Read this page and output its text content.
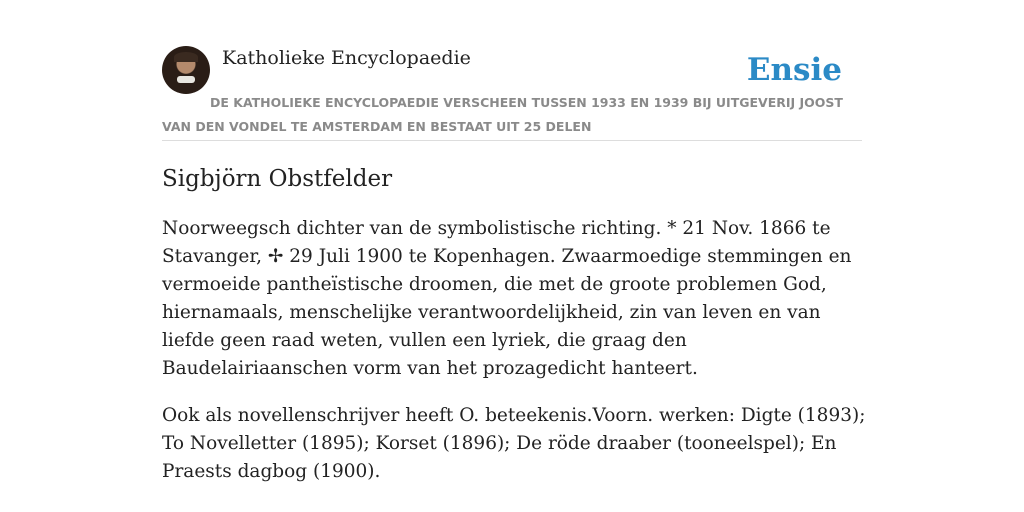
Katholieke Encyclopaedie	Ensie
DE KATHOLIEKE ENCYCLOPAEDIE VERSCHEEN TUSSEN 1933 EN 1939 BIJ UITGEVERIJ JOOST VAN DEN VONDEL TE AMSTERDAM EN BESTAAT UIT 25 DELEN
Sigbjörn Obstfelder

Noorweegsch dichter van de symbolistische richting. * 21 Nov. 1866 te Stavanger, ✢ 29 Juli 1900 te Kopenhagen. Zwaarmoedige stemmingen en vermoeide pantheïstische droomen, die met de groote problemen God, hiernamaals, menschelijke verantwoordelijkheid, zin van leven en van liefde geen raad weten, vullen een lyriek, die graag den Baudelairiaanschen vorm van het prozagedicht hanteert.

Ook als novellenschrijver heeft O. beteekenis.Voorn. werken: Digte (1893); To Novelletter (1895); Korset (1896); De röde draaber (tooneelspel); En Praests dagbog (1900).
